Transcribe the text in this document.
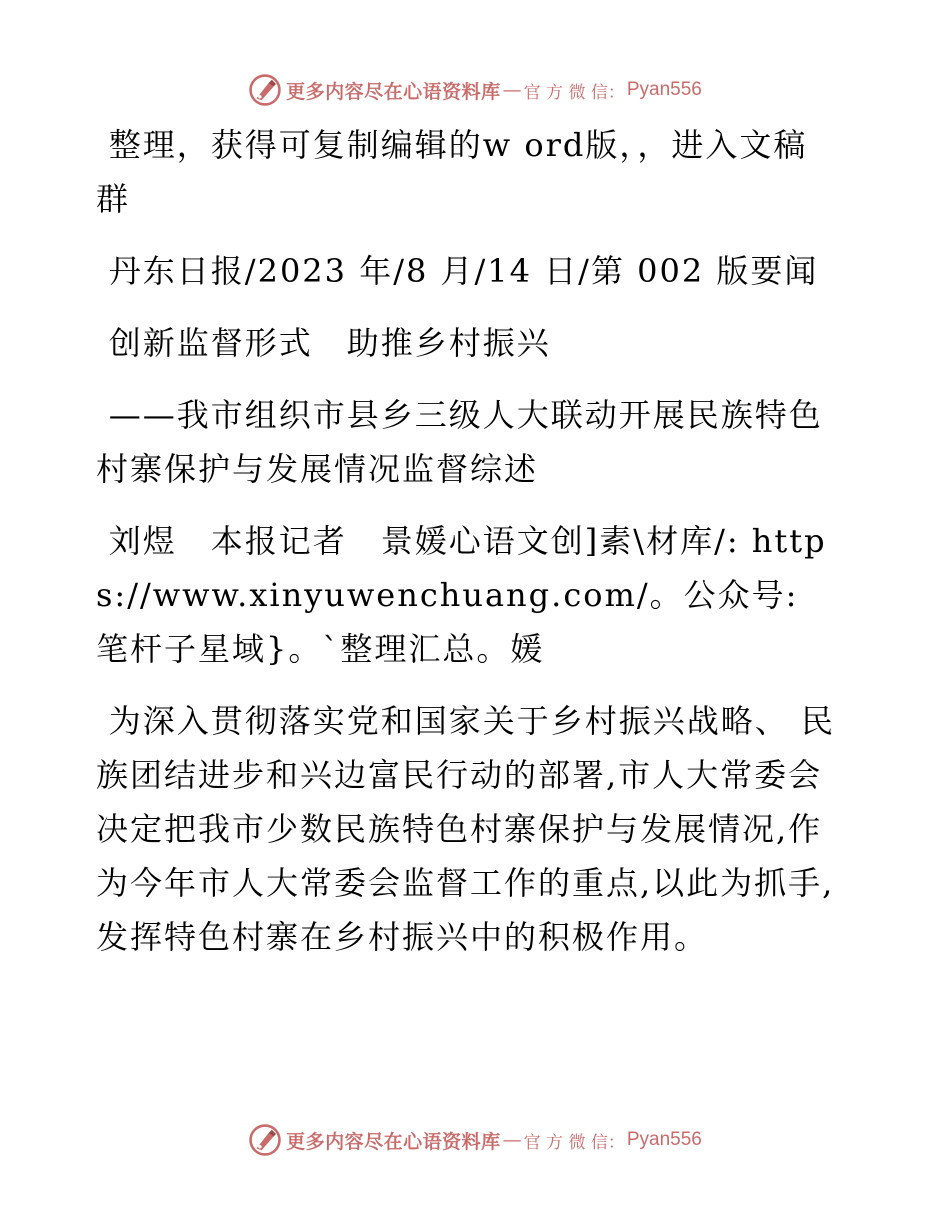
更多内容尽在心语资料库 — 官 方 微 信： Pyan556

整理，获得可复制编辑的w ord版，，进入文稿群

丹东日报/2023 年/8 月/14 日/第 002 版要闻

创新监督形式　助推乡村振兴

——我市组织市县乡三级人大联动开展民族特色村寨保护与发展情况监督综述

刘煜　本报记者　景媛心语文创]素\材库/: https://www.xinyuwenchuang.com/。公众号: 笔杆子星域}。`整理汇总。媛

为深入贯彻落实党和国家关于乡村振兴战略、 民族团结进步和兴边富民行动的部署,市人大常委会决定把我市少数民族特色村寨保护与发展情况,作为今年市人大常委会监督工作的重点,以此为抓手,发挥特色村寨在乡村振兴中的积极作用。

更多内容尽在心语资料库 — 官 方 微 信： Pyan556
